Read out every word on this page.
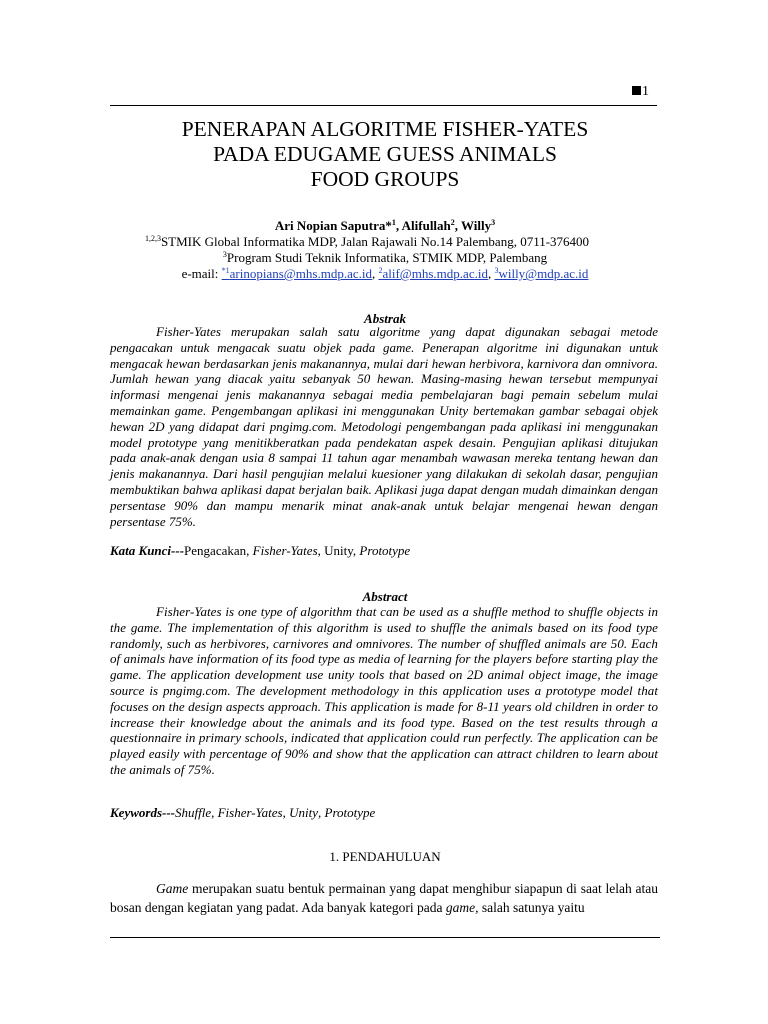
1
PENERAPAN ALGORITME FISHER-YATES
PADA EDUGAME GUESS ANIMALS
FOOD GROUPS
Ari Nopian Saputra*$^1$, Alifullah$^2$, Willy$^3$
$^{1,2,3}$STMIK Global Informatika MDP, Jalan Rajawali No.14 Palembang, 0711-376400
$^3$Program Studi Teknik Informatika, STMIK MDP, Palembang
e-mail: $^{*1}$arinopians@mhs.mdp.ac.id, $^2$alif@mhs.mdp.ac.id, $^3$willy@mdp.ac.id
Abstrak
Fisher-Yates merupakan salah satu algoritme yang dapat digunakan sebagai metode pengacakan untuk mengacak suatu objek pada game. Penerapan algoritme ini digunakan untuk mengacak hewan berdasarkan jenis makanannya, mulai dari hewan herbivora, karnivora dan omnivora. Jumlah hewan yang diacak yaitu sebanyak 50 hewan. Masing-masing hewan tersebut mempunyai informasi mengenai jenis makanannya sebagai media pembelajaran bagi pemain sebelum mulai memainkan game. Pengembangan aplikasi ini menggunakan Unity bertemakan gambar sebagai objek hewan 2D yang didapat dari pngimg.com. Metodologi pengembangan pada aplikasi ini menggunakan model prototype yang menitikberatkan pada pendekatan aspek desain. Pengujian aplikasi ditujukan pada anak-anak dengan usia 8 sampai 11 tahun agar menambah wawasan mereka tentang hewan dan jenis makanannya. Dari hasil pengujian melalui kuesioner yang dilakukan di sekolah dasar, pengujian membuktikan bahwa aplikasi dapat berjalan baik. Aplikasi juga dapat dengan mudah dimainkan dengan persentase 90% dan mampu menarik minat anak-anak untuk belajar mengenai hewan dengan persentase 75%.
Kata Kunci---Pengacakan, Fisher-Yates, Unity, Prototype
Abstract
Fisher-Yates is one type of algorithm that can be used as a shuffle method to shuffle objects in the game. The implementation of this algorithm is used to shuffle the animals based on its food type randomly, such as herbivores, carnivores and omnivores. The number of shuffled animals are 50. Each of animals have information of its food type as media of learning for the players before starting play the game. The application development use unity tools that based on 2D animal object image, the image source is pngimg.com. The development methodology in this application uses a prototype model that focuses on the design aspects approach. This application is made for 8-11 years old children in order to increase their knowledge about the animals and its food type. Based on the test results through a questionnaire in primary schools, indicated that application could run perfectly. The application can be played easily with percentage of 90% and show that the application can attract children to learn about the animals of 75%.
Keywords---Shuffle, Fisher-Yates, Unity, Prototype
1. PENDAHULUAN
Game merupakan suatu bentuk permainan yang dapat menghibur siapapun di saat lelah atau bosan dengan kegiatan yang padat. Ada banyak kategori pada game, salah satunya yaitu
